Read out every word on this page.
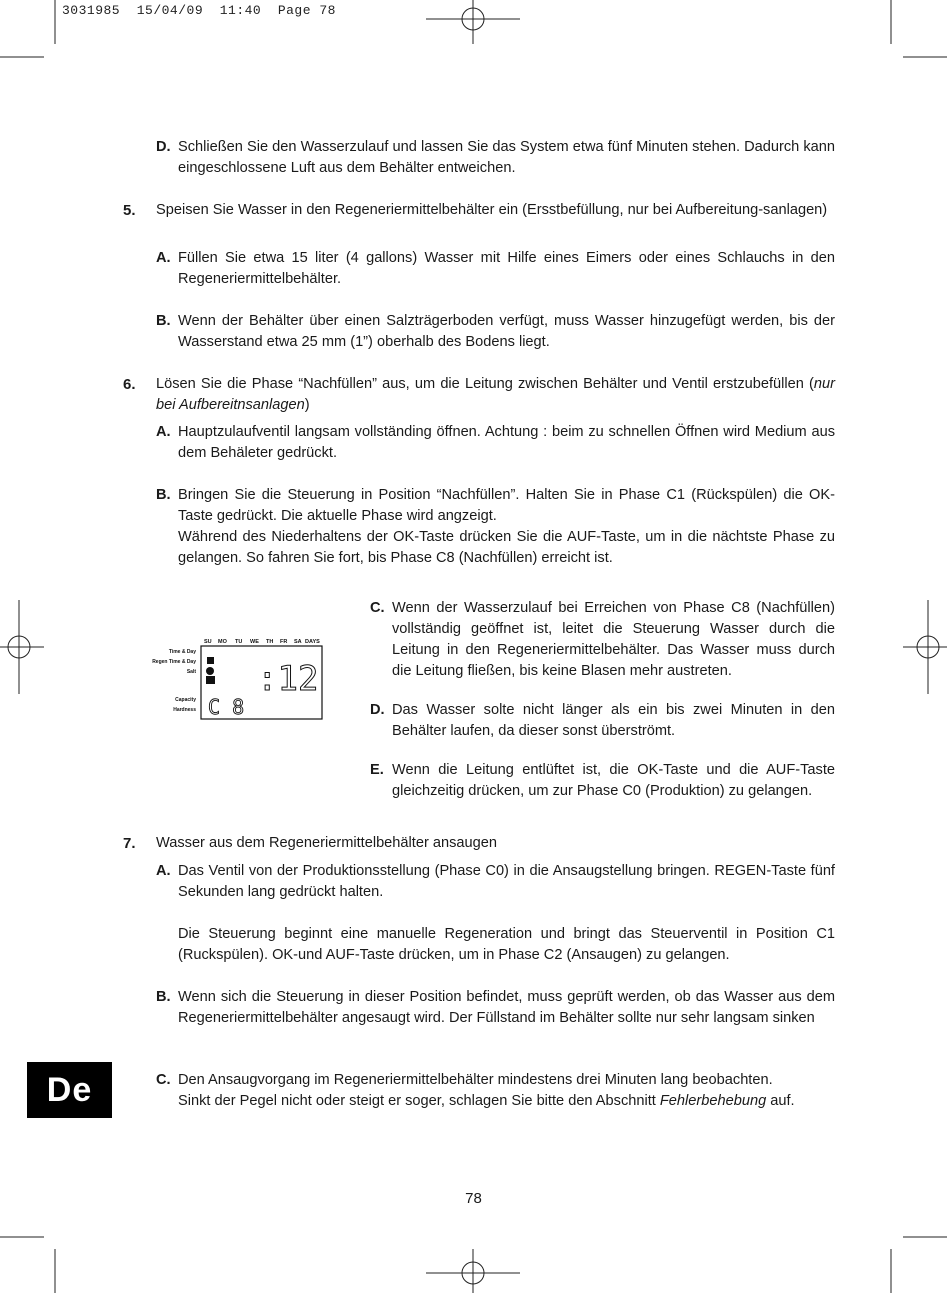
3031985  15/04/09  11:40  Page 78
D. Schließen Sie den Wasserzulauf und lassen Sie das System etwa fünf Minuten stehen. Dadurch kann eingeschlossene Luft aus dem Behälter entweichen.
5. Speisen Sie Wasser in den Regeneriermittelbehälter ein (Ersstbefüllung, nur bei Aufbereitung-sanlagen)
A. Füllen Sie etwa 15 liter (4 gallons) Wasser mit Hilfe eines Eimers oder eines Schlauchs in den Regeneriermittelbehälter.
B. Wenn der Behälter über einen Salzträgerboden verfügt, muss Wasser hinzugefügt werden, bis der Wasserstand etwa 25 mm (1”) oberhalb des Bodens liegt.
6. Lösen Sie die Phase “Nachfüllen” aus, um die Leitung zwischen Behälter und Ventil erstzubefüllen (nur bei Aufbereitnsanlagen)
A. Hauptzulaufventil langsam vollständing öffnen. Achtung : beim zu schnellen Öffnen wird Medium aus dem Behäleter gedrückt.
B. Bringen Sie die Steuerung in Position “Nachfüllen”. Halten Sie in Phase C1 (Rückspülen) die OK-Taste gedrückt. Die aktuelle Phase wird angzeigt.
Während des Niederhaltens der OK-Taste drücken Sie die AUF-Taste, um in die nächtste Phase zu gelangen. So fahren Sie fort, bis Phase C8 (Nachfüllen) erreicht ist.
SU MO TU WE TH FR SA DAYS
Time & Day
Regen Time & Day
Salt
Capacity
Hardness
:12
C 8
C. Wenn der Wasserzulauf bei Erreichen von Phase C8 (Nachfüllen) vollständig geöffnet ist, leitet die Steuerung Wasser durch die Leitung in den Regeneriermittelbehälter. Das Wasser muss durch die Leitung fließen, bis keine Blasen mehr austreten.
D. Das Wasser solte nicht länger als ein bis zwei Minuten in den Behälter laufen, da dieser sonst überströmt.
E. Wenn die Leitung entlüftet ist, die OK-Taste und die AUF-Taste gleichzeitig drücken, um zur Phase C0 (Produktion) zu gelangen.
7. Wasser aus dem Regeneriermittelbehälter ansaugen
A. Das Ventil von der Produktionsstellung (Phase C0) in die Ansaugstellung bringen. REGEN-Taste fünf Sekunden lang gedrückt halten.
Die Steuerung beginnt eine manuelle Regeneration und bringt das Steuerventil in Position C1 (Ruckspülen). OK-und AUF-Taste drücken, um in Phase C2 (Ansaugen) zu gelangen.
B. Wenn sich die Steuerung in dieser Position befindet, muss geprüft werden, ob das Wasser aus dem Regeneriermittelbehälter angesaugt wird. Der Füllstand im Behälter sollte nur sehr langsam sinken
C. Den Ansaugvorgang im Regeneriermittelbehälter mindestens drei Minuten lang beobachten.
Sinkt der Pegel nicht oder steigt er soger, schlagen Sie bitte den Abschnitt Fehlerbehebung auf.
De
78
